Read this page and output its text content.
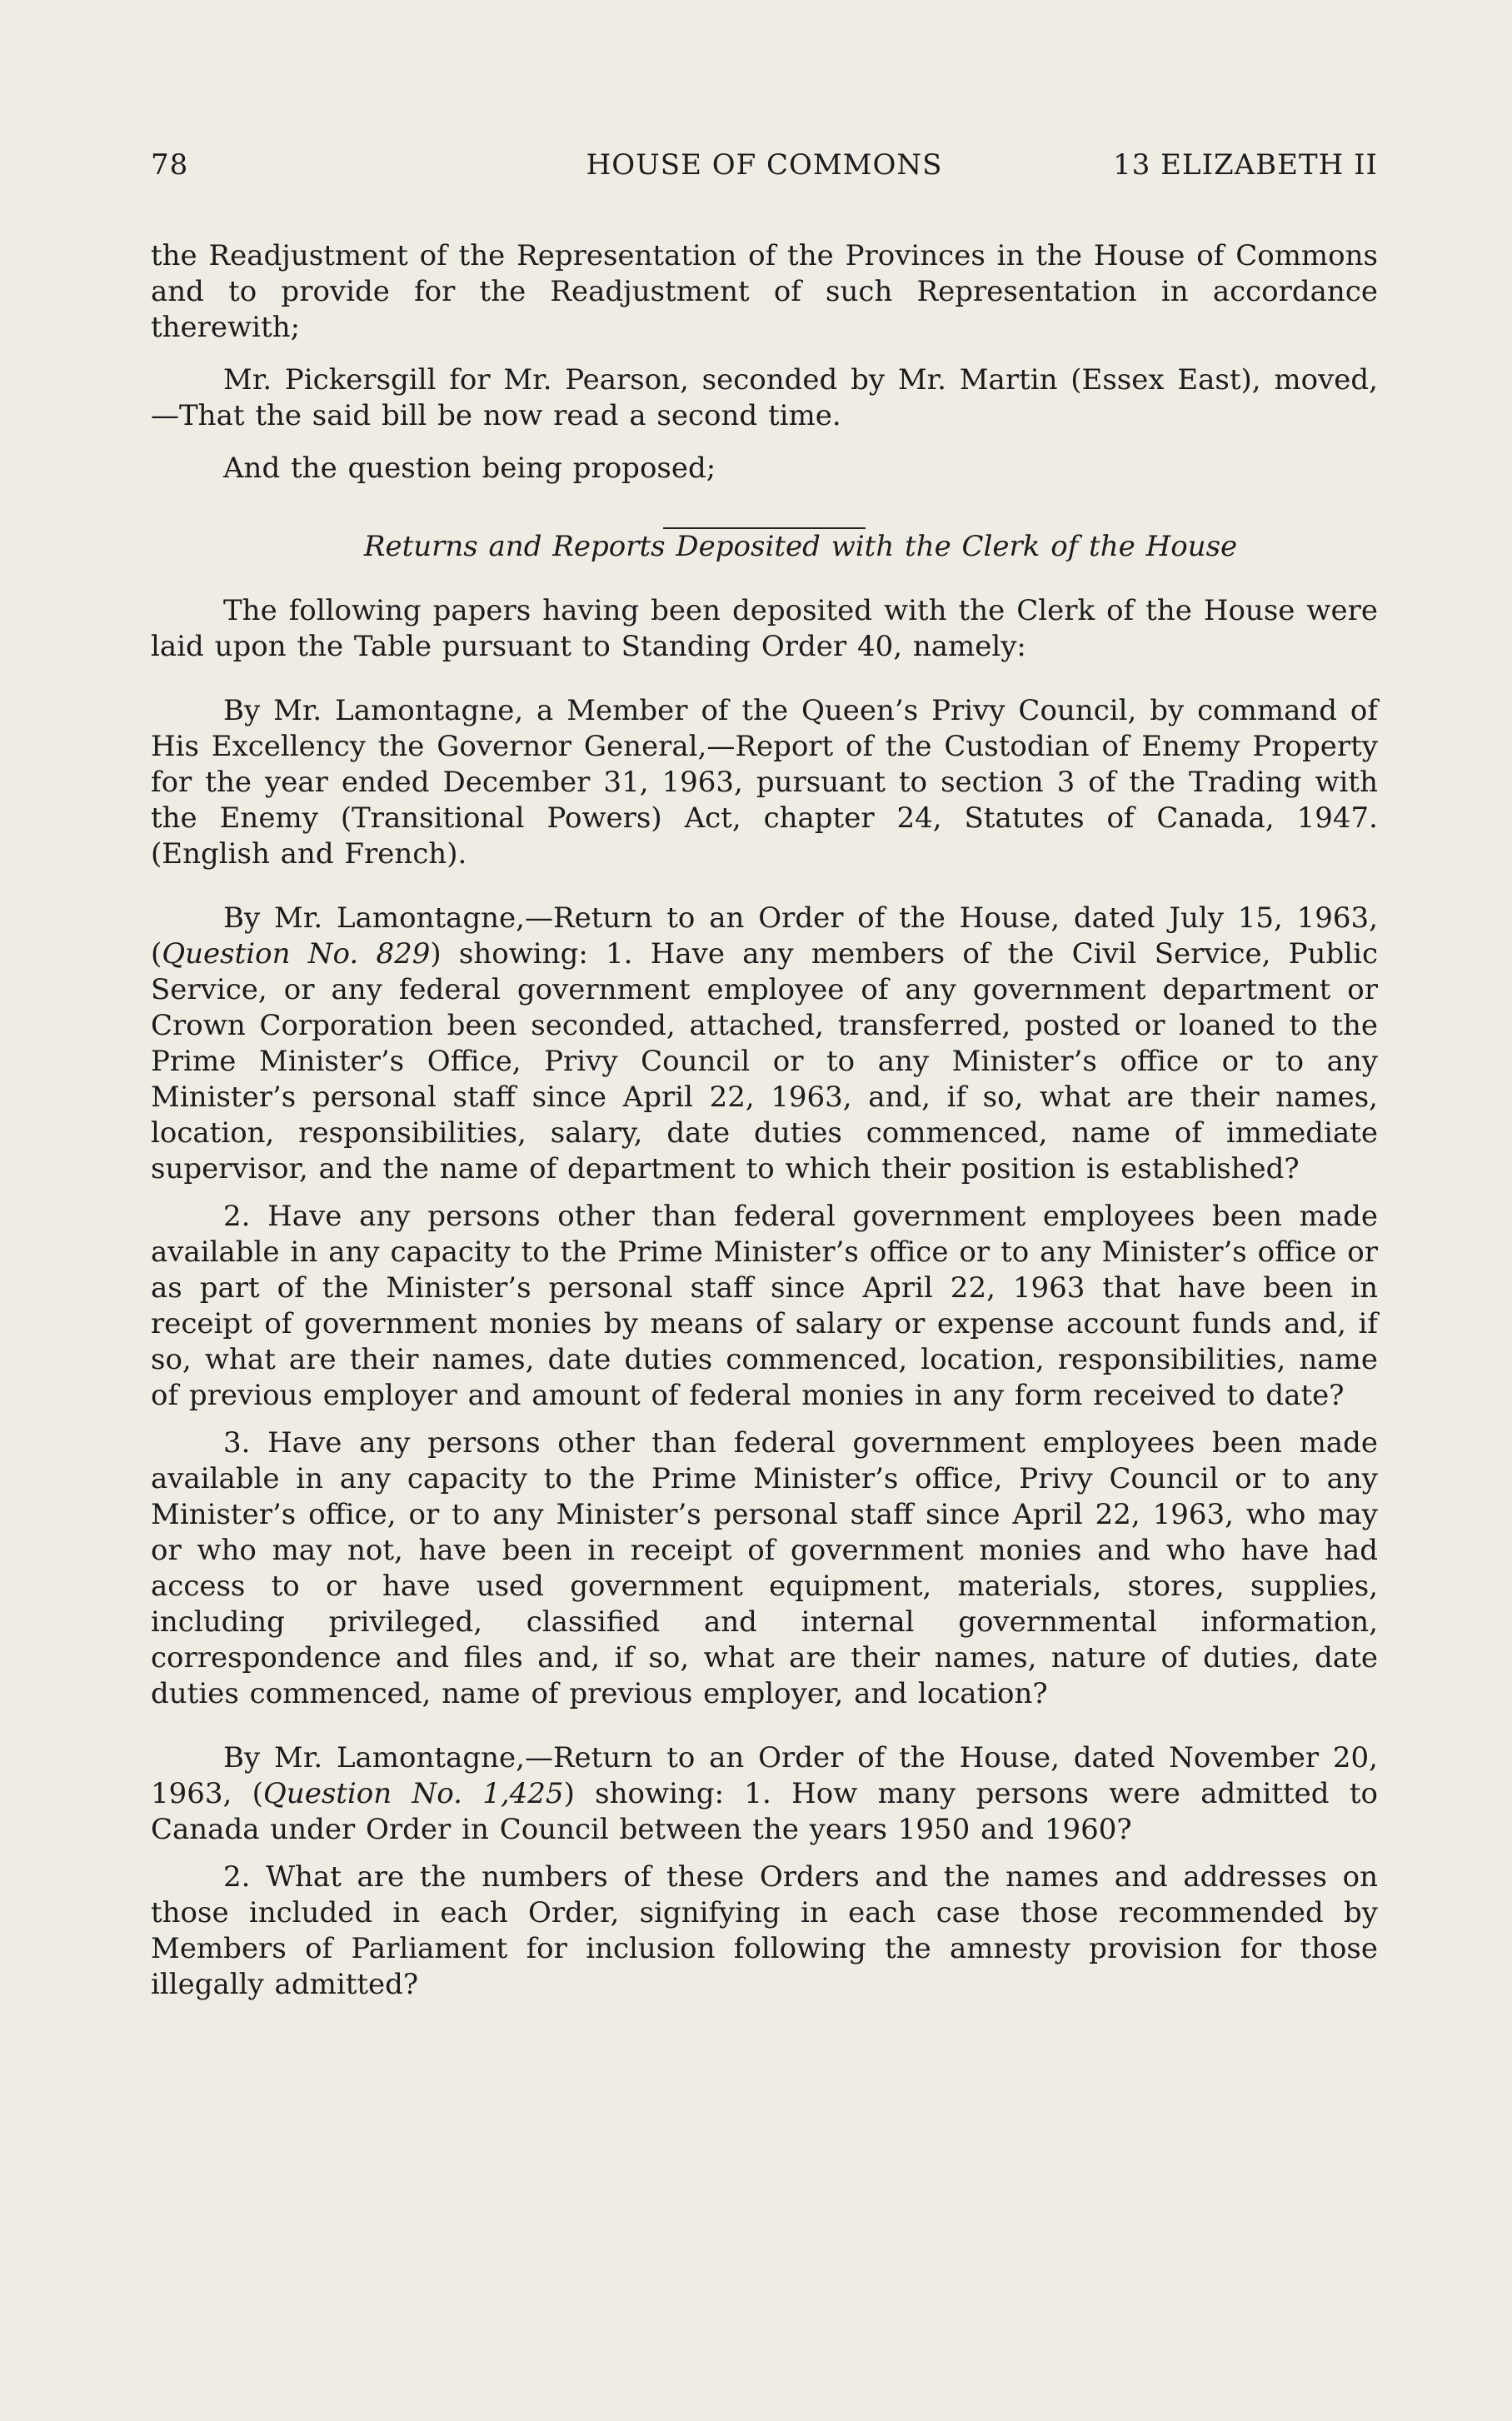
78	HOUSE OF COMMONS	13 ELIZABETH II

the Readjustment of the Representation of the Provinces in the House of Commons and to provide for the Readjustment of such Representation in accordance therewith;

Mr. Pickersgill for Mr. Pearson, seconded by Mr. Martin (Essex East), moved,—That the said bill be now read a second time.

And the question being proposed;

Returns and Reports Deposited with the Clerk of the House

The following papers having been deposited with the Clerk of the House were laid upon the Table pursuant to Standing Order 40, namely:

By Mr. Lamontagne, a Member of the Queen’s Privy Council, by command of His Excellency the Governor General,—Report of the Custodian of Enemy Property for the year ended December 31, 1963, pursuant to section 3 of the Trading with the Enemy (Transitional Powers) Act, chapter 24, Statutes of Canada, 1947. (English and French).

By Mr. Lamontagne,—Return to an Order of the House, dated July 15, 1963, (Question No. 829) showing: 1. Have any members of the Civil Service, Public Service, or any federal government employee of any government department or Crown Corporation been seconded, attached, transferred, posted or loaned to the Prime Minister’s Office, Privy Council or to any Minister’s office or to any Minister’s personal staff since April 22, 1963, and, if so, what are their names, location, responsibilities, salary, date duties commenced, name of immediate supervisor, and the name of department to which their position is established?

2. Have any persons other than federal government employees been made available in any capacity to the Prime Minister’s office or to any Minister’s office or as part of the Minister’s personal staff since April 22, 1963 that have been in receipt of government monies by means of salary or expense account funds and, if so, what are their names, date duties commenced, location, responsibilities, name of previous employer and amount of federal monies in any form received to date?

3. Have any persons other than federal government employees been made available in any capacity to the Prime Minister’s office, Privy Council or to any Minister’s office, or to any Minister’s personal staff since April 22, 1963, who may or who may not, have been in receipt of government monies and who have had access to or have used government equipment, materials, stores, supplies, including privileged, classified and internal governmental information, correspondence and files and, if so, what are their names, nature of duties, date duties commenced, name of previous employer, and location?

By Mr. Lamontagne,—Return to an Order of the House, dated November 20, 1963, (Question No. 1,425) showing: 1. How many persons were admitted to Canada under Order in Council between the years 1950 and 1960?

2. What are the numbers of these Orders and the names and addresses on those included in each Order, signifying in each case those recommended by Members of Parliament for inclusion following the amnesty provision for those illegally admitted?
